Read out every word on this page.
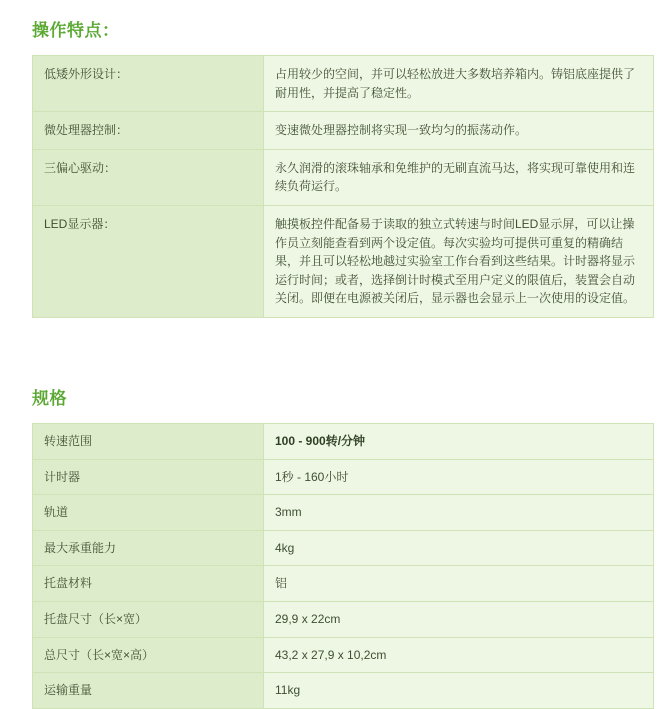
操作特点：
低矮外形设计：	占用较少的空间，并可以轻松放进大多数培养箱内。铸铝底座提供了耐用性，并提高了稳定性。
微处理器控制：	变速微处理器控制将实现一致均匀的振荡动作。
三偏心驱动：	永久润滑的滚珠轴承和免维护的无刷直流马达，将实现可靠使用和连续负荷运行。
LED显示器：	触摸板控件配备易于读取的独立式转速与时间LED显示屏，可以让操作员立刻能查看到两个设定值。每次实验均可提供可重复的精确结果，并且可以轻松地越过实验室工作台看到这些结果。计时器将显示运行时间；或者，选择倒计时模式至用户定义的限值后，装置会自动关闭。即便在电源被关闭后，显示器也会显示上一次使用的设定值。
规格
转速范围	100 - 900转/分钟
计时器	1秒 - 160小时
轨道	3mm
最大承重能力	4kg
托盘材料	铝
托盘尺寸（长×宽）	29,9 x 22cm
总尺寸（长×宽×高）	43,2 x 27,9 x 10,2cm
运输重量	11kg
